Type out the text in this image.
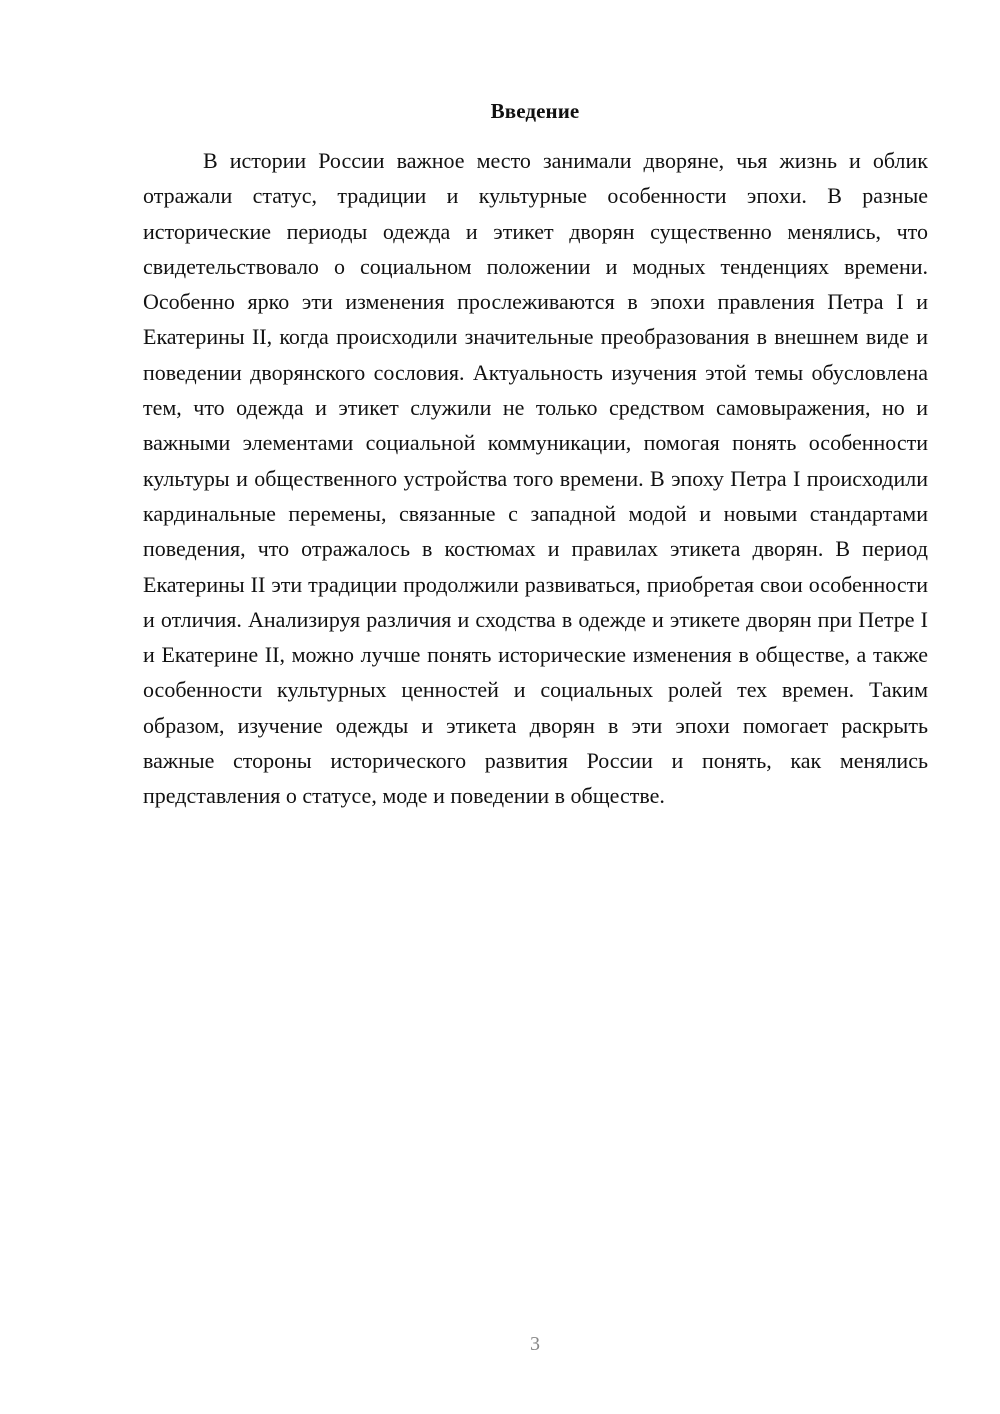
Введение

В истории России важное место занимали дворяне, чья жизнь и облик отражали статус, традиции и культурные особенности эпохи. В разные исторические периоды одежда и этикет дворян существенно менялись, что свидетельствовало о социальном положении и модных тенденциях времени. Особенно ярко эти изменения прослеживаются в эпохи правления Петра I и Екатерины II, когда происходили значительные преобразования в внешнем виде и поведении дворянского сословия. Актуальность изучения этой темы обусловлена тем, что одежда и этикет служили не только средством самовыражения, но и важными элементами социальной коммуникации, помогая понять особенности культуры и общественного устройства того времени. В эпоху Петра I происходили кардинальные перемены, связанные с западной модой и новыми стандартами поведения, что отражалось в костюмах и правилах этикета дворян. В период Екатерины II эти традиции продолжили развиваться, приобретая свои особенности и отличия. Анализируя различия и сходства в одежде и этикете дворян при Петре I и Екатерине II, можно лучше понять исторические изменения в обществе, а также особенности культурных ценностей и социальных ролей тех времен. Таким образом, изучение одежды и этикета дворян в эти эпохи помогает раскрыть важные стороны исторического развития России и понять, как менялись представления о статусе, моде и поведении в обществе.

3
